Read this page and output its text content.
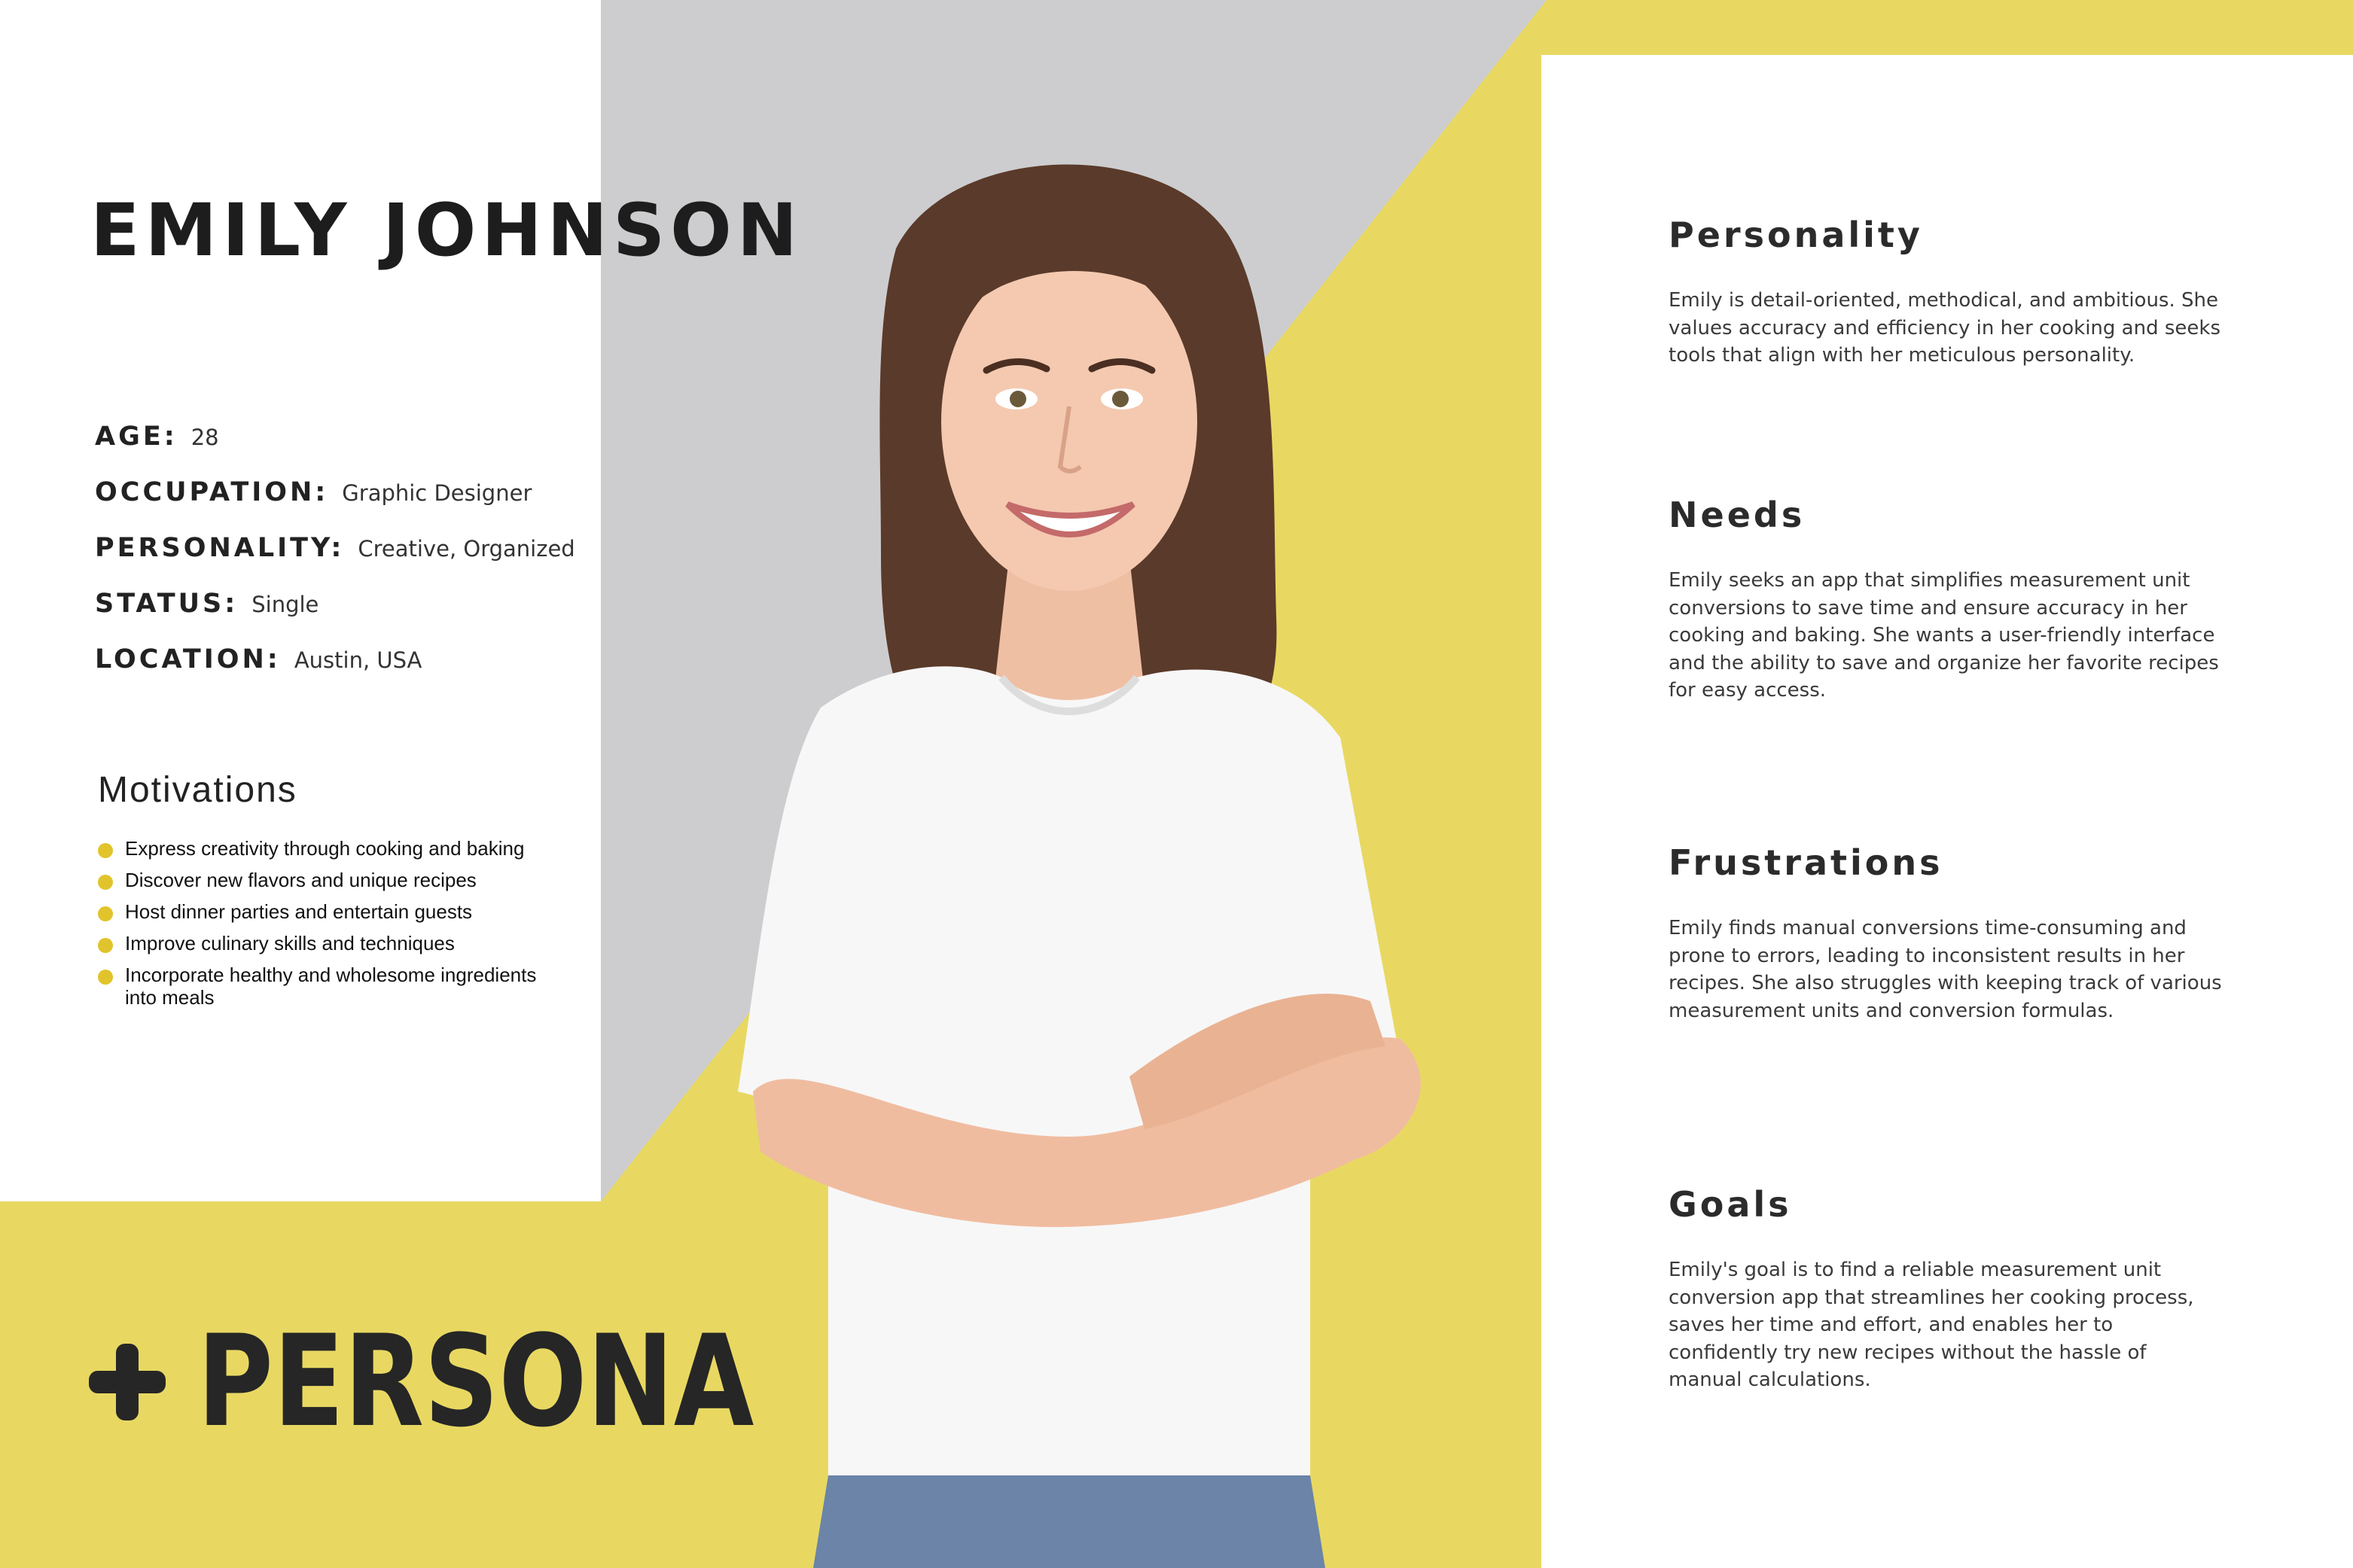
EMILY JOHNSON
AGE: 28
OCCUPATION: Graphic Designer
PERSONALITY: Creative, Organized
STATUS: Single
LOCATION: Austin, USA
Motivations
Express creativity through cooking and baking
Discover new flavors and unique recipes
Host dinner parties and entertain guests
Improve culinary skills and techniques
Incorporate healthy and wholesome ingredients into meals
PERSONA
Personality

Emily is detail-oriented, methodical, and ambitious. She values accuracy and efficiency in her cooking and seeks tools that align with her meticulous personality.

Needs

Emily seeks an app that simplifies measurement unit conversions to save time and ensure accuracy in her cooking and baking. She wants a user-friendly interface and the ability to save and organize her favorite recipes for easy access.

Frustrations

Emily finds manual conversions time-consuming and prone to errors, leading to inconsistent results in her recipes. She also struggles with keeping track of various measurement units and conversion formulas.

Goals

Emily's goal is to find a reliable measurement unit conversion app that streamlines her cooking process, saves her time and effort, and enables her to confidently try new recipes without the hassle of manual calculations.
